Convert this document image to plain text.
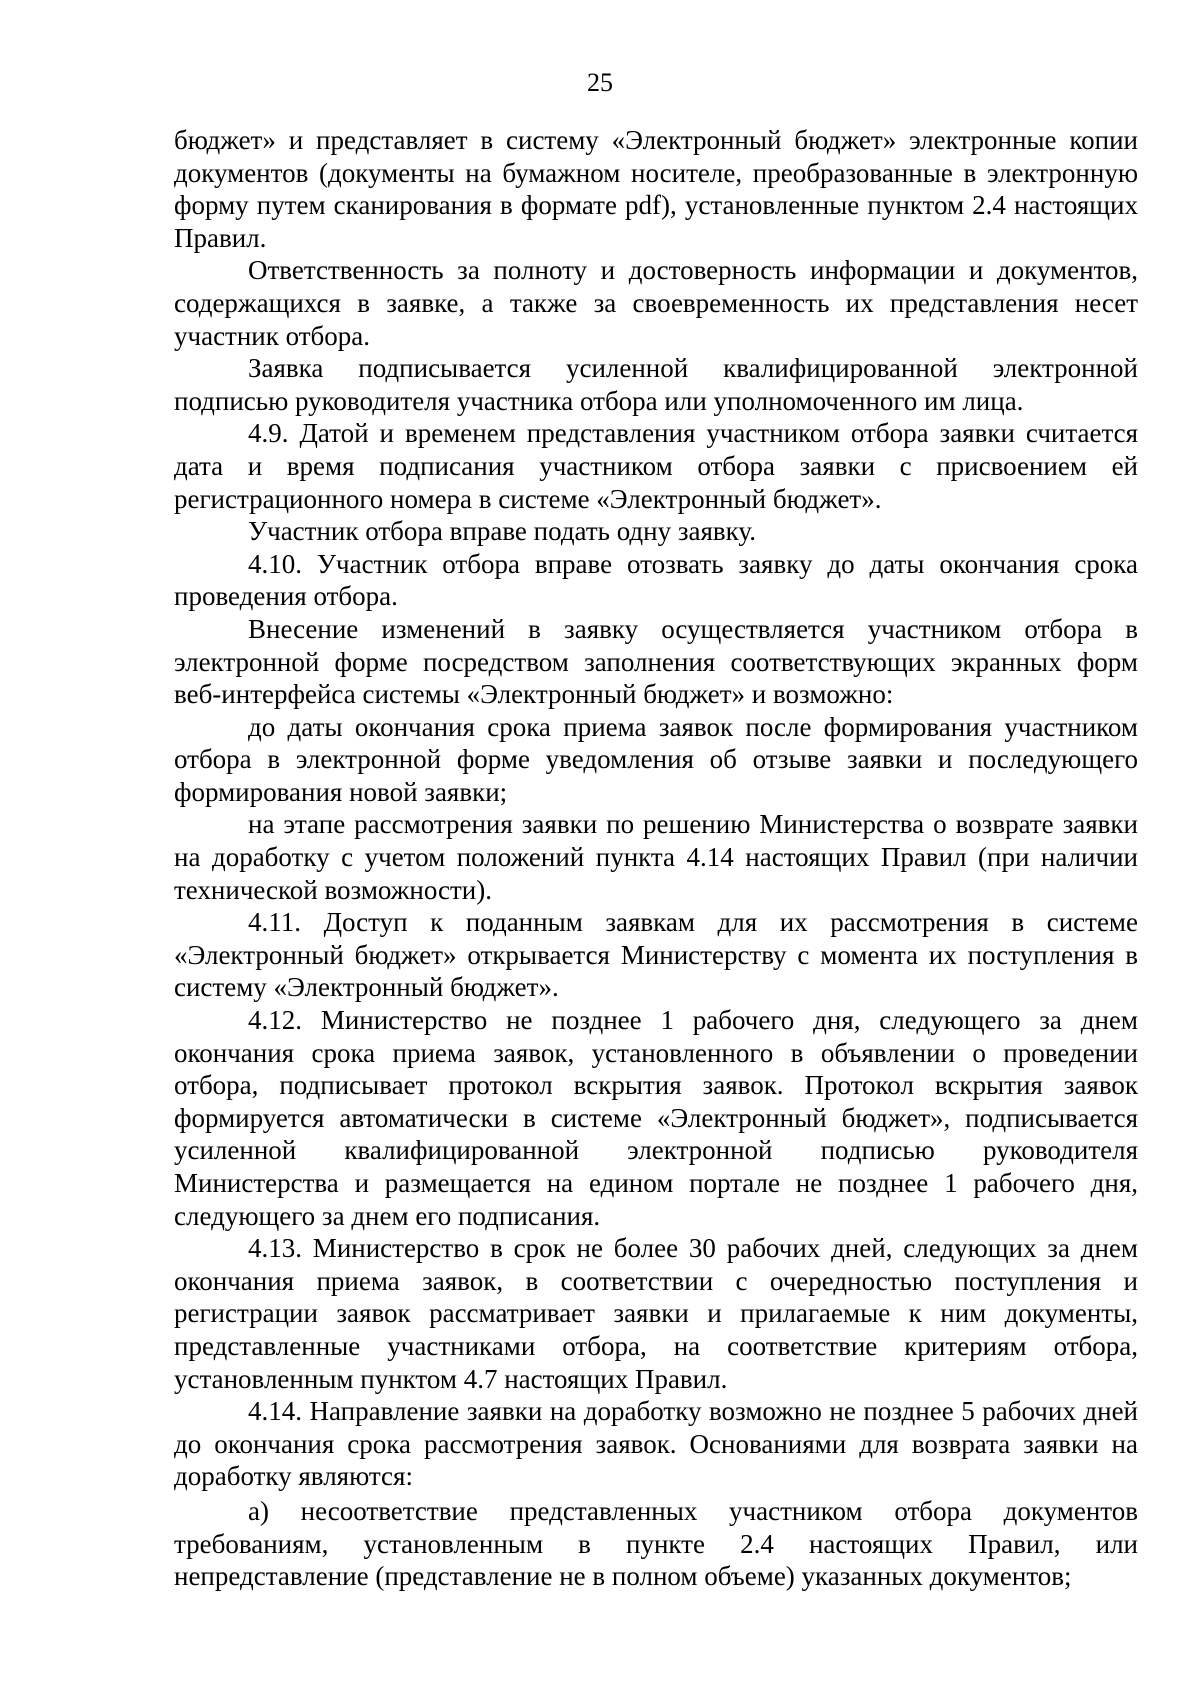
25

бюджет» и представляет в систему «Электронный бюджет» электронные копии документов (документы на бумажном носителе, преобразованные в электронную форму путем сканирования в формате pdf), установленные пунктом 2.4 настоящих Правил.

Ответственность за полноту и достоверность информации и документов, содержащихся в заявке, а также за своевременность их представления несет участник отбора.

Заявка подписывается усиленной квалифицированной электронной подписью руководителя участника отбора или уполномоченного им лица.

4.9. Датой и временем представления участником отбора заявки считается дата и время подписания участником отбора заявки с присвоением ей регистрационного номера в системе «Электронный бюджет».

Участник отбора вправе подать одну заявку.

4.10. Участник отбора вправе отозвать заявку до даты окончания срока проведения отбора.

Внесение изменений в заявку осуществляется участником отбора в электронной форме посредством заполнения соответствующих экранных форм веб-интерфейса системы «Электронный бюджет» и возможно:

до даты окончания срока приема заявок после формирования участником отбора в электронной форме уведомления об отзыве заявки и последующего формирования новой заявки;

на этапе рассмотрения заявки по решению Министерства о возврате заявки на доработку с учетом положений пункта 4.14 настоящих Правил (при наличии технической возможности).

4.11. Доступ к поданным заявкам для их рассмотрения в системе «Электронный бюджет» открывается Министерству с момента их поступления в систему «Электронный бюджет».

4.12. Министерство не позднее 1 рабочего дня, следующего за днем окончания срока приема заявок, установленного в объявлении о проведении отбора, подписывает протокол вскрытия заявок. Протокол вскрытия заявок формируется автоматически в системе «Электронный бюджет», подписывается усиленной квалифицированной электронной подписью руководителя Министерства и размещается на едином портале не позднее 1 рабочего дня, следующего за днем его подписания.

4.13. Министерство в срок не более 30 рабочих дней, следующих за днем окончания приема заявок, в соответствии с очередностью поступления и регистрации заявок рассматривает заявки и прилагаемые к ним документы, представленные участниками отбора, на соответствие критериям отбора, установленным пунктом 4.7 настоящих Правил.

4.14. Направление заявки на доработку возможно не позднее 5 рабочих дней до окончания срока рассмотрения заявок. Основаниями для возврата заявки на доработку являются:

а) несоответствие представленных участником отбора документов требованиям, установленным в пункте 2.4 настоящих Правил, или непредставление (представление не в полном объеме) указанных документов;
